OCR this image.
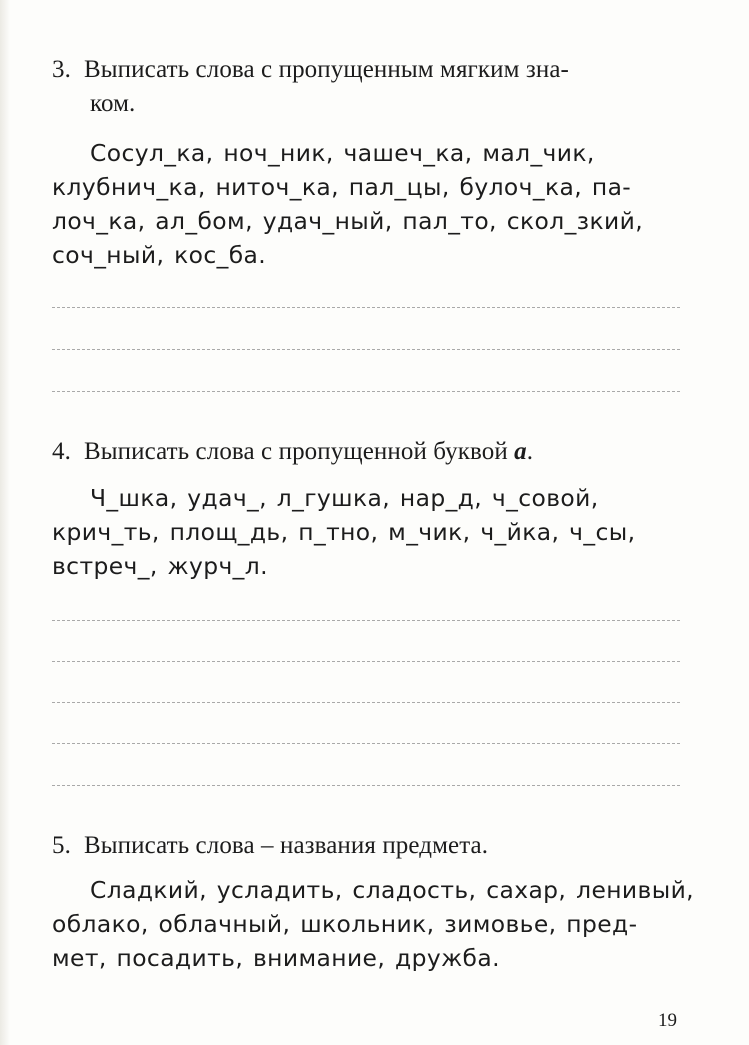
3. Выписать слова с пропущенным мягким зна-
ком.

Сосул_ка, ноч_ник, чашеч_ка, мал_чик,
клубнич_ка, ниточ_ка, пал_цы, булоч_ка, па-
лоч_ка, ал_бом, удач_ный, пал_то, скол_зкий,
соч_ный, кос_ба.

4. Выписать слова с пропущенной буквой а.

Ч_шка, удач_, л_гушка, нар_д, ч_совой,
крич_ть, площ_дь, п_тно, м_чик, ч_йка, ч_сы,
встреч_, журч_л.

5. Выписать слова – названия предмета.

Сладкий, усладить, сладость, сахар, ленивый,
облако, облачный, школьник, зимовье, пред-
мет, посадить, внимание, дружба.

19
